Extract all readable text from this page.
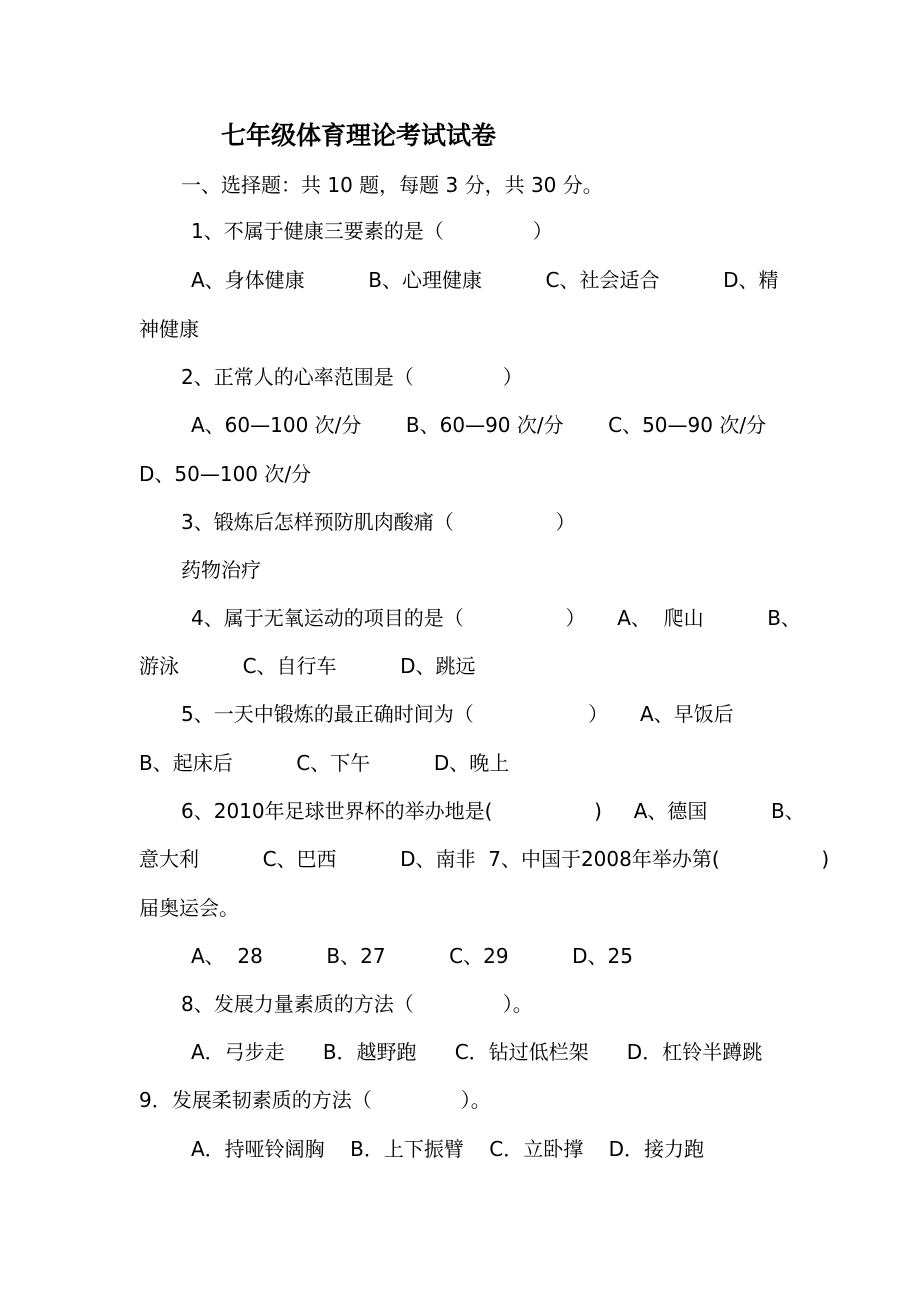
七年级体育理论考试试卷
一、选择题：共 10 题，每题 3 分，共 30 分。
1、不属于健康三要素的是（              ）
A、身体健康          B、心理健康          C、社会适合          D、精
神健康
2、正常人的心率范围是（              ）
A、60—100 次/分       B、60—90 次/分       C、50—90 次/分
D、50—100 次/分
3、锻炼后怎样预防肌肉酸痛（                ）
药物治疗
4、属于无氧运动的项目的是（                ）     A、  爬山          B、
游泳          C、自行车          D、跳远
5、一天中锻炼的最正确时间为（                  ）     A、早饭后
B、起床后          C、下午          D、晚上
6、2010年足球世界杯的举办地是(                )     A、德国          B、
意大利          C、巴西          D、南非  7、中国于2008年举办第(                )
届奥运会。
A、  28          B、27          C、29          D、25
8、发展力量素质的方法（              ）。
A．弓步走      B．越野跑      C．钻过低栏架      D．杠铃半蹲跳
9．发展柔韧素质的方法（              ）。
A．持哑铃阔胸    B．上下振臂    C．立卧撑    D．接力跑
